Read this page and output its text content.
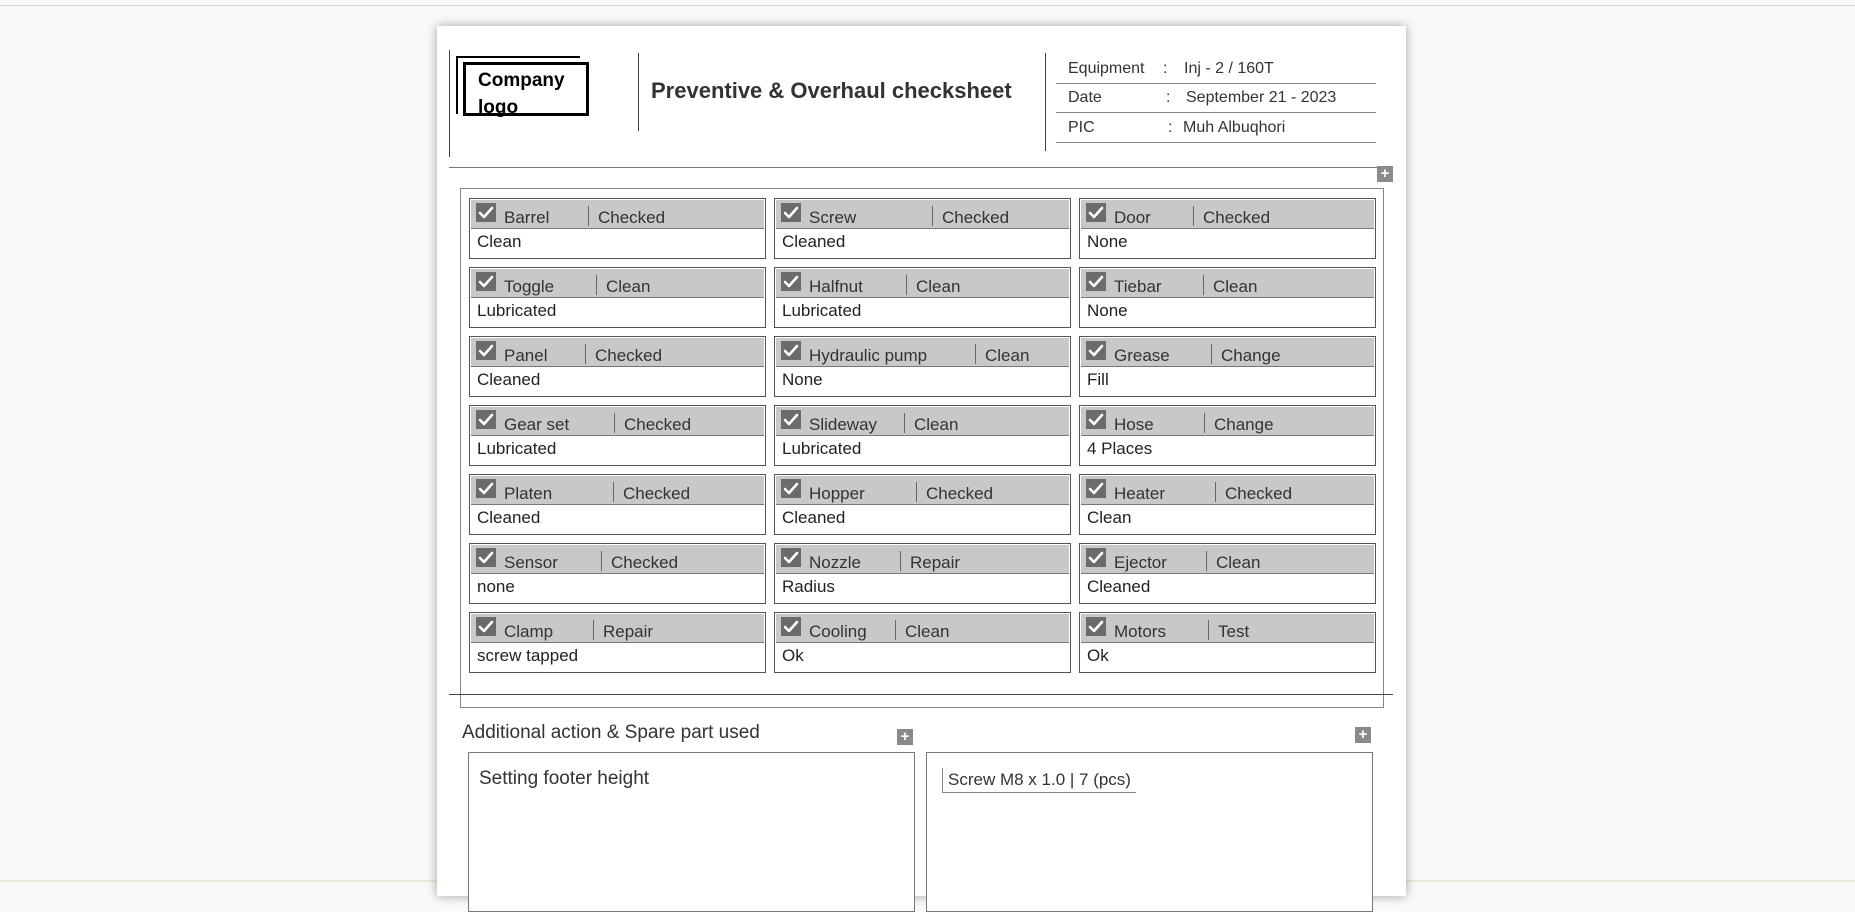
Company
logo
Preventive & Overhaul checksheet
Equipment : Inj - 2 / 160T
Date	: September 21 - 2023
PIC	: Muh Albuqhori
+
Barrel	Checked
Clean
Screw	Checked
Cleaned
Door	Checked
None
Toggle	Clean
Lubricated
Halfnut	Clean
Lubricated
Tiebar	Clean
None
Panel	Checked
Cleaned
Hydraulic pump	Clean
None
Grease	Change
Fill
Gear set	Checked
Lubricated
Slideway Clean
Lubricated
Hose	Change
4 Places
Platen	Checked
Cleaned
Hopper	Checked
Cleaned
Heater	Checked
Clean
Sensor	Checked
none
Nozzle	Repair
Radius
Ejector	Clean
Cleaned
Clamp	Repair
screw tapped
Cooling Clean
Ok
Motors	Test
Ok
Additional action & Spare part used	+	+
Setting footer height	Screw M8 x 1.0 | 7 (pcs)
